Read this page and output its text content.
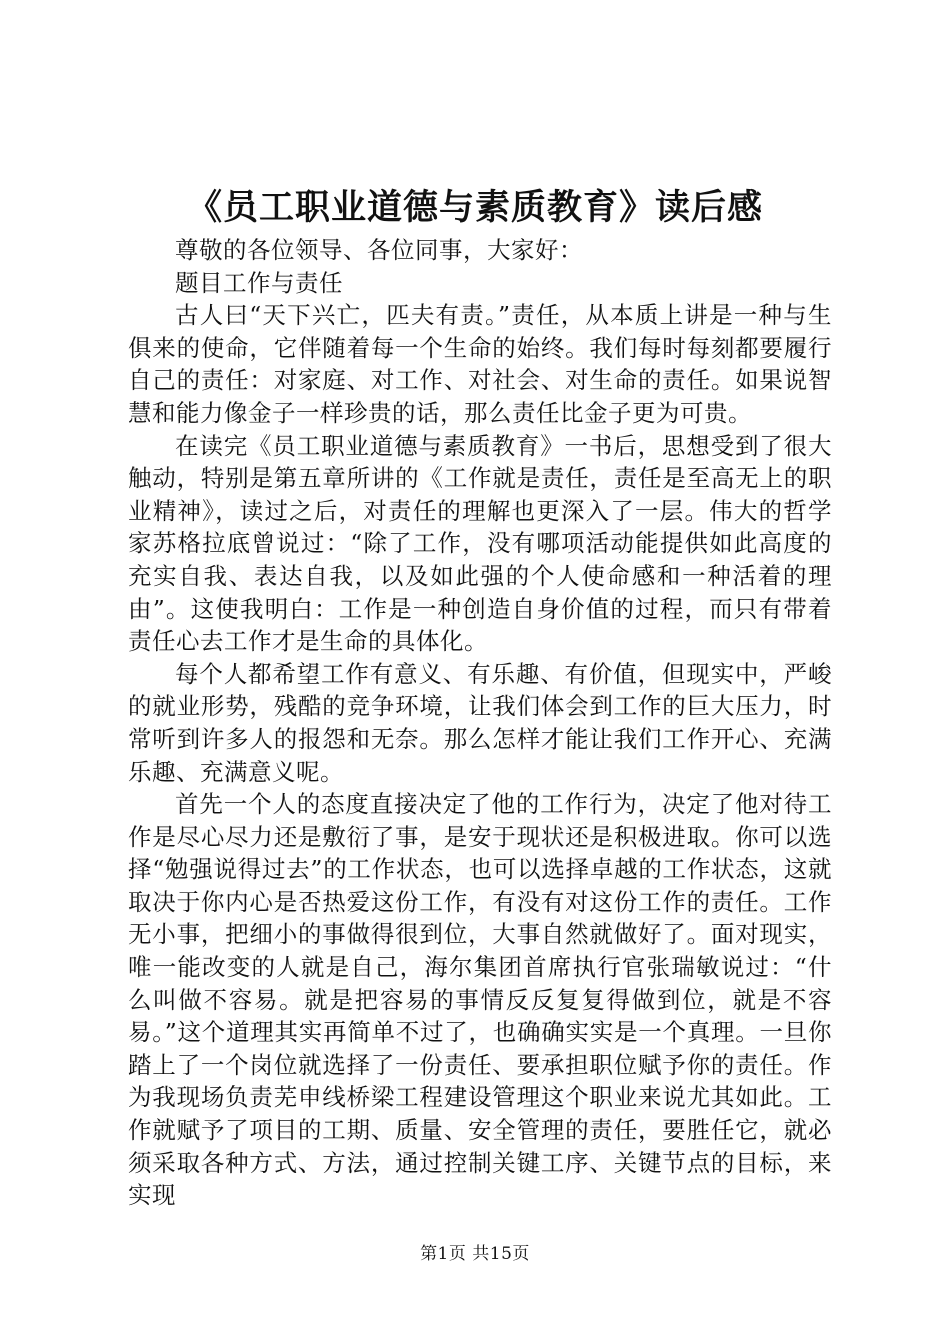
《员工职业道德与素质教育》读后感

尊敬的各位领导、各位同事，大家好：

题目工作与责任

古人曰“天下兴亡，匹夫有责。”责任，从本质上讲是一种与生俱来的使命，它伴随着每一个生命的始终。我们每时每刻都要履行自己的责任：对家庭、对工作、对社会、对生命的责任。如果说智慧和能力像金子一样珍贵的话，那么责任比金子更为可贵。

在读完《员工职业道德与素质教育》一书后，思想受到了很大触动，特别是第五章所讲的《工作就是责任，责任是至高无上的职业精神》，读过之后，对责任的理解也更深入了一层。伟大的哲学家苏格拉底曾说过：“除了工作，没有哪项活动能提供如此高度的充实自我、表达自我，以及如此强的个人使命感和一种活着的理由”。这使我明白：工作是一种创造自身价值的过程，而只有带着责任心去工作才是生命的具体化。

每个人都希望工作有意义、有乐趣、有价值，但现实中，严峻的就业形势，残酷的竞争环境，让我们体会到工作的巨大压力，时常听到许多人的报怨和无奈。那么怎样才能让我们工作开心、充满乐趣、充满意义呢。

首先一个人的态度直接决定了他的工作行为，决定了他对待工作是尽心尽力还是敷衍了事，是安于现状还是积极进取。你可以选择“勉强说得过去”的工作状态，也可以选择卓越的工作状态，这就取决于你内心是否热爱这份工作，有没有对这份工作的责任。工作无小事，把细小的事做得很到位，大事自然就做好了。面对现实，唯一能改变的人就是自己，海尔集团首席执行官张瑞敏说过：“什么叫做不容易。就是把容易的事情反反复复得做到位，就是不容易。”这个道理其实再简单不过了，也确确实实是一个真理。一旦你踏上了一个岗位就选择了一份责任、要承担职位赋予你的责任。作为我现场负责芜申线桥梁工程建设管理这个职业来说尤其如此。工作就赋予了项目的工期、质量、安全管理的责任，要胜任它，就必须采取各种方式、方法，通过控制关键工序、关键节点的目标，来实现

第1页 共15页
